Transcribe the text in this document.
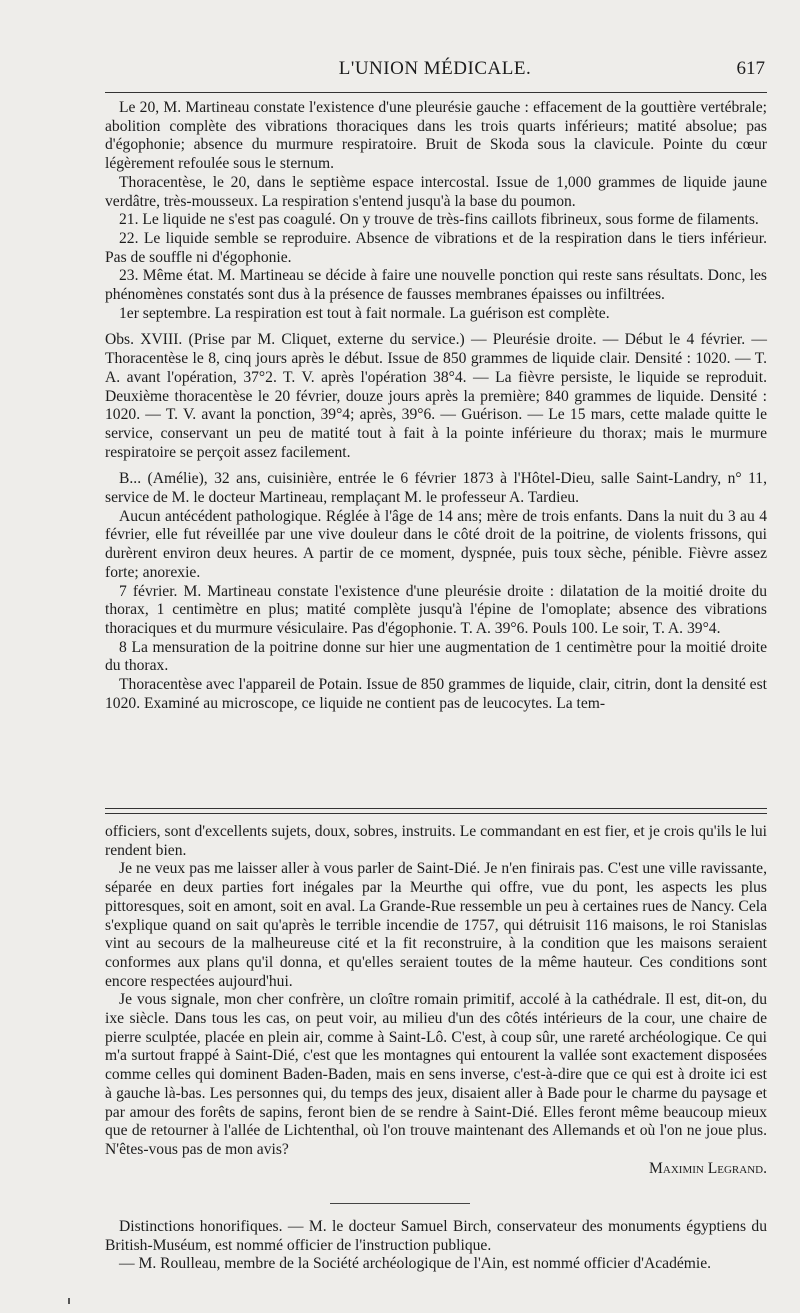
L'UNION MÉDICALE.	617

Le 20, M. Martineau constate l'existence d'une pleurésie gauche : effacement de la gouttière vertébrale; abolition complète des vibrations thoraciques dans les trois quarts inférieurs; matité absolue; pas d'égophonie; absence du murmure respiratoire. Bruit de Skoda sous la clavicule. Pointe du cœur légèrement refoulée sous le sternum.

Thoracentèse, le 20, dans le septième espace intercostal. Issue de 1,000 grammes de liquide jaune verdâtre, très-mousseux. La respiration s'entend jusqu'à la base du poumon.

21. Le liquide ne s'est pas coagulé. On y trouve de très-fins caillots fibrineux, sous forme de filaments.

22. Le liquide semble se reproduire. Absence de vibrations et de la respiration dans le tiers inférieur. Pas de souffle ni d'égophonie.

23. Même état. M. Martineau se décide à faire une nouvelle ponction qui reste sans résultats. Donc, les phénomènes constatés sont dus à la présence de fausses membranes épaisses ou infiltrées.

1er septembre. La respiration est tout à fait normale. La guérison est complète.

Obs. XVIII. (Prise par M. Cliquet, externe du service.) — Pleurésie droite. — Début le 4 février. — Thoracentèse le 8, cinq jours après le début. Issue de 850 grammes de liquide clair. Densité : 1020. — T. A. avant l'opération, 37°2. T. V. après l'opération 38°4. — La fièvre persiste, le liquide se reproduit. Deuxième thoracentèse le 20 février, douze jours après la première; 840 grammes de liquide. Densité : 1020. — T. V. avant la ponction, 39°4; après, 39°6. — Guérison. — Le 15 mars, cette malade quitte le service, conservant un peu de matité tout à fait à la pointe inférieure du thorax; mais le murmure respiratoire se perçoit assez facilement.

B... (Amélie), 32 ans, cuisinière, entrée le 6 février 1873 à l'Hôtel-Dieu, salle Saint-Landry, n° 11, service de M. le docteur Martineau, remplaçant M. le professeur A. Tardieu.

Aucun antécédent pathologique. Réglée à l'âge de 14 ans; mère de trois enfants. Dans la nuit du 3 au 4 février, elle fut réveillée par une vive douleur dans le côté droit de la poitrine, de violents frissons, qui durèrent environ deux heures. A partir de ce moment, dyspnée, puis toux sèche, pénible. Fièvre assez forte; anorexie.

7 février. M. Martineau constate l'existence d'une pleurésie droite : dilatation de la moitié droite du thorax, 1 centimètre en plus; matité complète jusqu'à l'épine de l'omoplate; absence des vibrations thoraciques et du murmure vésiculaire. Pas d'égophonie. T. A. 39°6. Pouls 100. Le soir, T. A. 39°4.

8 La mensuration de la poitrine donne sur hier une augmentation de 1 centimètre pour la moitié droite du thorax.

Thoracentèse avec l'appareil de Potain. Issue de 850 grammes de liquide, clair, citrin, dont la densité est 1020. Examiné au microscope, ce liquide ne contient pas de leucocytes. La tem-

officiers, sont d'excellents sujets, doux, sobres, instruits. Le commandant en est fier, et je crois qu'ils le lui rendent bien.

Je ne veux pas me laisser aller à vous parler de Saint-Dié. Je n'en finirais pas. C'est une ville ravissante, séparée en deux parties fort inégales par la Meurthe qui offre, vue du pont, les aspects les plus pittoresques, soit en amont, soit en aval. La Grande-Rue ressemble un peu à certaines rues de Nancy. Cela s'explique quand on sait qu'après le terrible incendie de 1757, qui détruisit 116 maisons, le roi Stanislas vint au secours de la malheureuse cité et la fit reconstruire, à la condition que les maisons seraient conformes aux plans qu'il donna, et qu'elles seraient toutes de la même hauteur. Ces conditions sont encore respectées aujourd'hui.

Je vous signale, mon cher confrère, un cloître romain primitif, accolé à la cathédrale. Il est, dit-on, du ixe siècle. Dans tous les cas, on peut voir, au milieu d'un des côtés intérieurs de la cour, une chaire de pierre sculptée, placée en plein air, comme à Saint-Lô. C'est, à coup sûr, une rareté archéologique. Ce qui m'a surtout frappé à Saint-Dié, c'est que les montagnes qui entourent la vallée sont exactement disposées comme celles qui dominent Baden-Baden, mais en sens inverse, c'est-à-dire que ce qui est à droite ici est à gauche là-bas. Les personnes qui, du temps des jeux, disaient aller à Bade pour le charme du paysage et par amour des forêts de sapins, feront bien de se rendre à Saint-Dié. Elles feront même beaucoup mieux que de retourner à l'allée de Lichtenthal, où l'on trouve maintenant des Allemands et où l'on ne joue plus. N'êtes-vous pas de mon avis?

Maximin Legrand.

Distinctions honorifiques. — M. le docteur Samuel Birch, conservateur des monuments égyptiens du British-Muséum, est nommé officier de l'instruction publique.

— M. Roulleau, membre de la Société archéologique de l'Ain, est nommé officier d'Académie.
